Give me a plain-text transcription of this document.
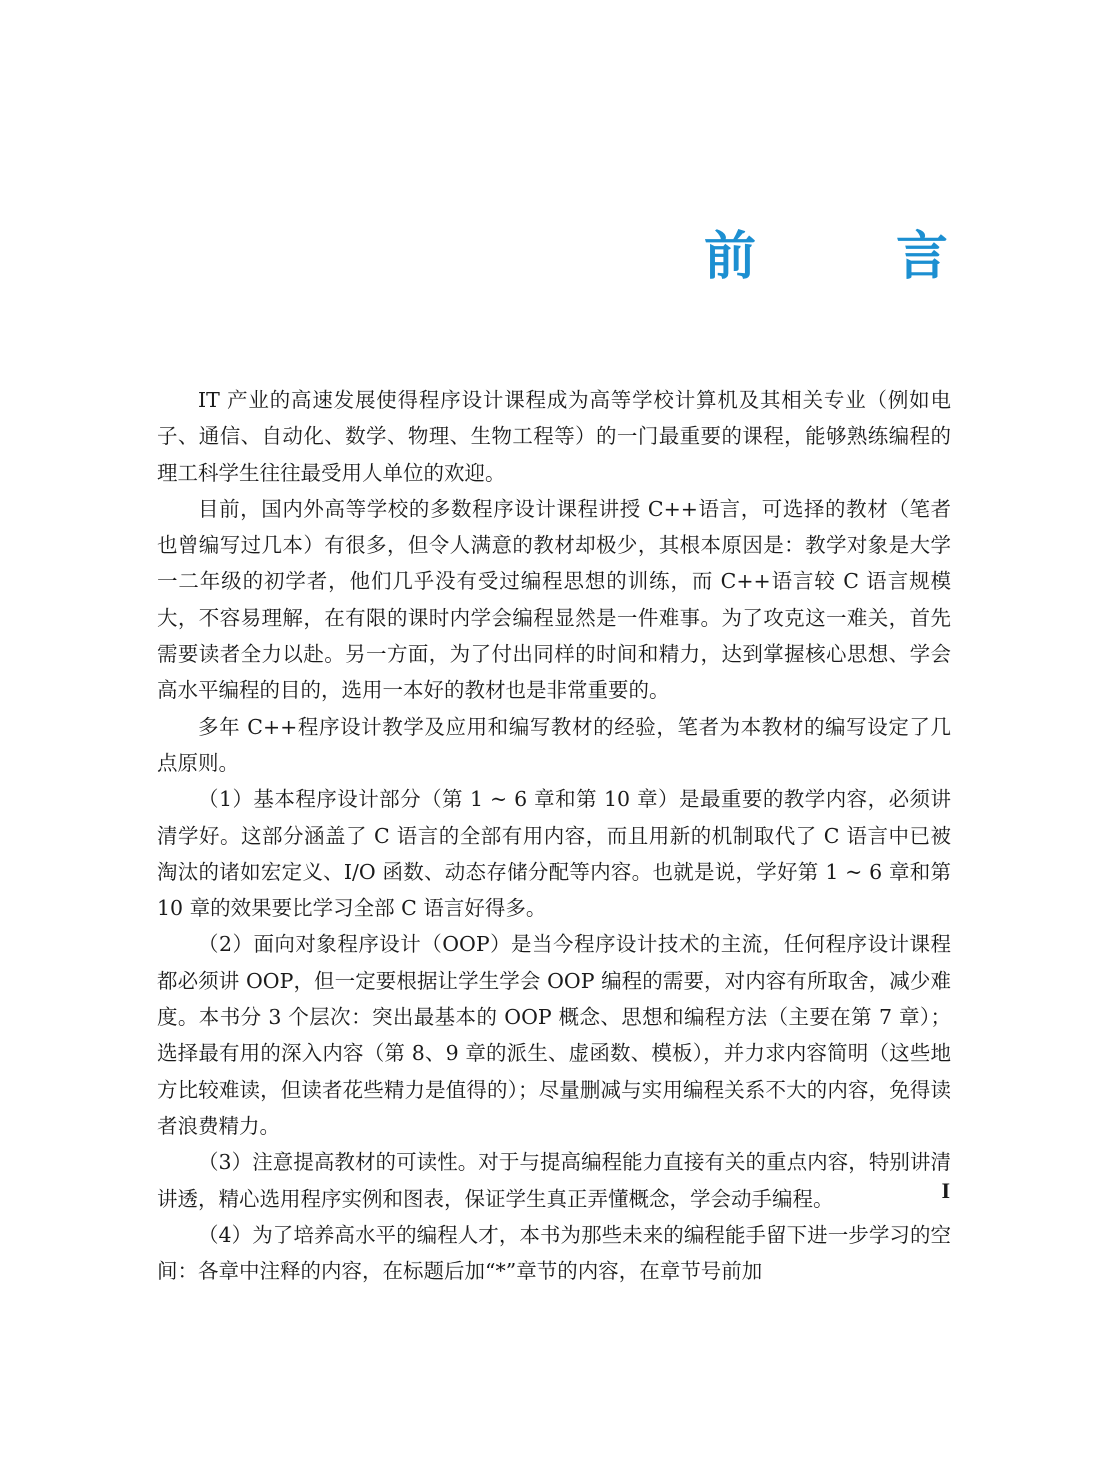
前　言

IT 产业的高速发展使得程序设计课程成为高等学校计算机及其相关专业（例如电子、通信、自动化、数学、物理、生物工程等）的一门最重要的课程，能够熟练编程的理工科学生往往最受用人单位的欢迎。

目前，国内外高等学校的多数程序设计课程讲授 C++语言，可选择的教材（笔者也曾编写过几本）有很多，但令人满意的教材却极少，其根本原因是：教学对象是大学一二年级的初学者，他们几乎没有受过编程思想的训练，而 C++语言较 C 语言规模大，不容易理解，在有限的课时内学会编程显然是一件难事。为了攻克这一难关，首先需要读者全力以赴。另一方面，为了付出同样的时间和精力，达到掌握核心思想、学会高水平编程的目的，选用一本好的教材也是非常重要的。

多年 C++程序设计教学及应用和编写教材的经验，笔者为本教材的编写设定了几点原则。

（1）基本程序设计部分（第 1 ~ 6 章和第 10 章）是最重要的教学内容，必须讲清学好。这部分涵盖了 C 语言的全部有用内容，而且用新的机制取代了 C 语言中已被淘汰的诸如宏定义、I/O 函数、动态存储分配等内容。也就是说，学好第 1 ~ 6 章和第 10 章的效果要比学习全部 C 语言好得多。

（2）面向对象程序设计（OOP）是当今程序设计技术的主流，任何程序设计课程都必须讲 OOP，但一定要根据让学生学会 OOP 编程的需要，对内容有所取舍，减少难度。本书分 3 个层次：突出最基本的 OOP 概念、思想和编程方法（主要在第 7 章）；选择最有用的深入内容（第 8、9 章的派生、虚函数、模板），并力求内容简明（这些地方比较难读，但读者花些精力是值得的）；尽量删减与实用编程关系不大的内容，免得读者浪费精力。

（3）注意提高教材的可读性。对于与提高编程能力直接有关的重点内容，特别讲清讲透，精心选用程序实例和图表，保证学生真正弄懂概念，学会动手编程。

（4）为了培养高水平的编程人才，本书为那些未来的编程能手留下进一步学习的空间：各章中注释的内容，在标题后加“*”章节的内容，在章节号前加

I
